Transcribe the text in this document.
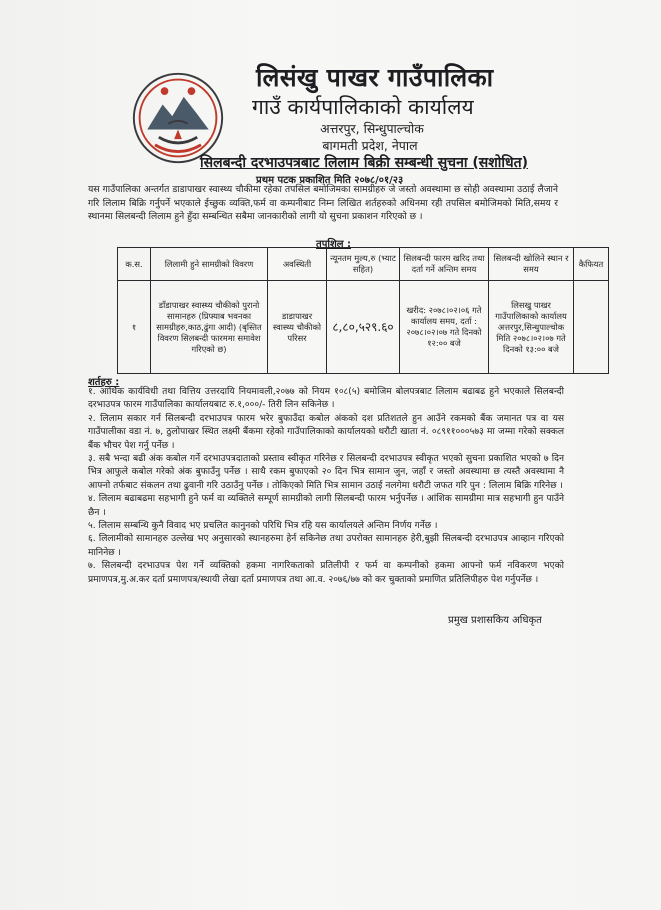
लिसंखु पाखर गाउँपालिका
गाउँ कार्यपालिकाको कार्यालय
अत्तरपुर, सिन्धुपाल्चोक
बागमती प्रदेश, नेपाल
सिलबन्दी दरभाउपत्रबाट लिलाम बिक्री सम्बन्धी सुचना (सशोधित)
प्रथम पटक प्रकाशित मिति २०७८/०१/२३
यस गाउँपालिका अन्तर्गत डाडापाखर स्वास्थ्य चौकीमा रहेका तपसिल बमोजिमका सामग्रीहरु जे जस्तो अवस्थामा छ सोही अवस्थामा उठाई लैजाने गरि लिलाम बिक्रि गर्नुपर्ने भएकाले ईच्छुक व्यक्ति,फर्म वा कम्पनीबाट निम्न लिखित शर्तहरुको अधिनमा रही तपसिल बमोजिमको मिति,समय र स्थानमा सिलबन्दी लिलाम हुने हुँदा सम्बन्धित सबैमा जानकारीको लागी यो सुचना प्रकाशन गरिएको छ ।
तपशिल :
क.स.	लिलामी हुने सामग्रीको विवरण	अवस्थिती	न्यूनतम मुल्य,रु (भ्याट सहित)	सिलबन्दी फारम खरिद तथा दर्ता गर्ने अन्तिम समय	सिलबन्दी खोलिने स्थान र समय	कैफियत
१	डाँडापाखर स्वास्थ्य चौकीको पुरानो सामानहरु (प्रिफ्याब भवनका सामग्रीहरु,काठ,ढुंगा आदी) (बृस्तित विवरण सिलबन्दी फारममा समावेश गरिएको छ)	डाडापाखर स्वास्थ्य चौकीको परिसर	८,८०,५२९.६०	खरीद: २०७८।०२।०६ गते कार्यालय समय, दर्ता : २०७८।०२।०७ गते दिनको १२:०० बजे	लिसखु पाखर गाउँपालिकाको कार्यालय अत्तरपुर,सिन्धुपाल्चोक मिति २०७८।०२।०७ गते दिनको १३:०० बजे	
शर्तहरु :

१. आर्थिक कार्यविधी तथा वित्तिय उत्तरदायि नियमावली,२०७७ को नियम १०८(५) बमोजिम बोलपत्रबाट लिलाम बढाबढ हुने भएकाले सिलबन्दी दरभाउपत्र फारम गाउँपालिका कार्यालयबाट रु.१,०००/- तिरी लिन सकिनेछ ।

२. लिलाम सकार गर्न सिलबन्दी दरभाउपत्र फारम भरेर बुफाउँदा कबोल अंकको दश प्रतिशतले हुन आउँने रकमको बैंक जमानत पत्र वा यस गाउँपालीका वडा नं. ७, ठुलोपाखर स्थित लक्ष्मी बैंकमा रहेको गाउँपालिकाको कार्यालयको धरौटी खाता नं. ०८९११०००५७३ मा जम्मा गरेको सक्कल बैंक भौचर पेश गर्नु पर्नेछ ।

३. सबै भन्दा बढी अंक कबोल गर्ने दरभाउपत्रदाताको प्रस्ताव स्वीकृत गरिनेछ र सिलबन्दी दरभाउपत्र स्वीकृत भएको सुचना प्रकाशित भएको ७ दिन भित्र आफुले कबोल गरेको अंक बुफाउँनु पर्नेछ । साथै रकम बुफाएको २० दिन भित्र सामान जुन, जहाँ र जस्तो अवस्थामा छ त्यस्तै अवस्थामा नै आफ्नो तर्फबाट संकलन तथा ढुवानी गरि उठाउँनु पर्नेछ । तोकिएको मिति भित्र सामान उठाई नलगेमा धरौटी जफत गरि पुन : लिलाम बिक्रि गरिनेछ ।

४. लिलाम बढाबढमा सहभागी हुने फर्म वा व्यक्तिले सम्पूर्ण सामग्रीको लागी सिलबन्दी फारम भर्नुपर्नेछ । आंशिक सामग्रीमा मात्र सहभागी हुन पाउँने छैन ।

५. लिलाम सम्बन्धि कुनै विवाद भए प्रचलित कानुनको परिधि भित्र रहि यस कार्यालयले अन्तिम निर्णय गर्नेछ ।

६. लिलामीको सामानहरु उल्लेख भए अनुसारको स्थानहरुमा हेर्न सकिनेछ तथा उपरोक्त सामानहरु हेरी,बुझी सिलबन्दी दरभाउपत्र आव्हान गरिएको मानिनेछ ।

७. सिलबन्दी दरभाउपत्र पेश गर्ने व्यक्तिको हकमा नागरिकताको प्रतिलीपी र फर्म वा कम्पनीको हकमा आफ्नो फर्म नविकरण भएको प्रमाणपत्र,मु.अ.कर दर्ता प्रमाणपत्र/स्थायी लेखा दर्ता प्रमाणपत्र तथा आ.व. २०७६/७७ को कर चुक्ताको प्रमाणित प्रतिलिपीहरु पेश गर्नुपर्नेछ ।

प्रमुख प्रशासकिय अधिकृत
